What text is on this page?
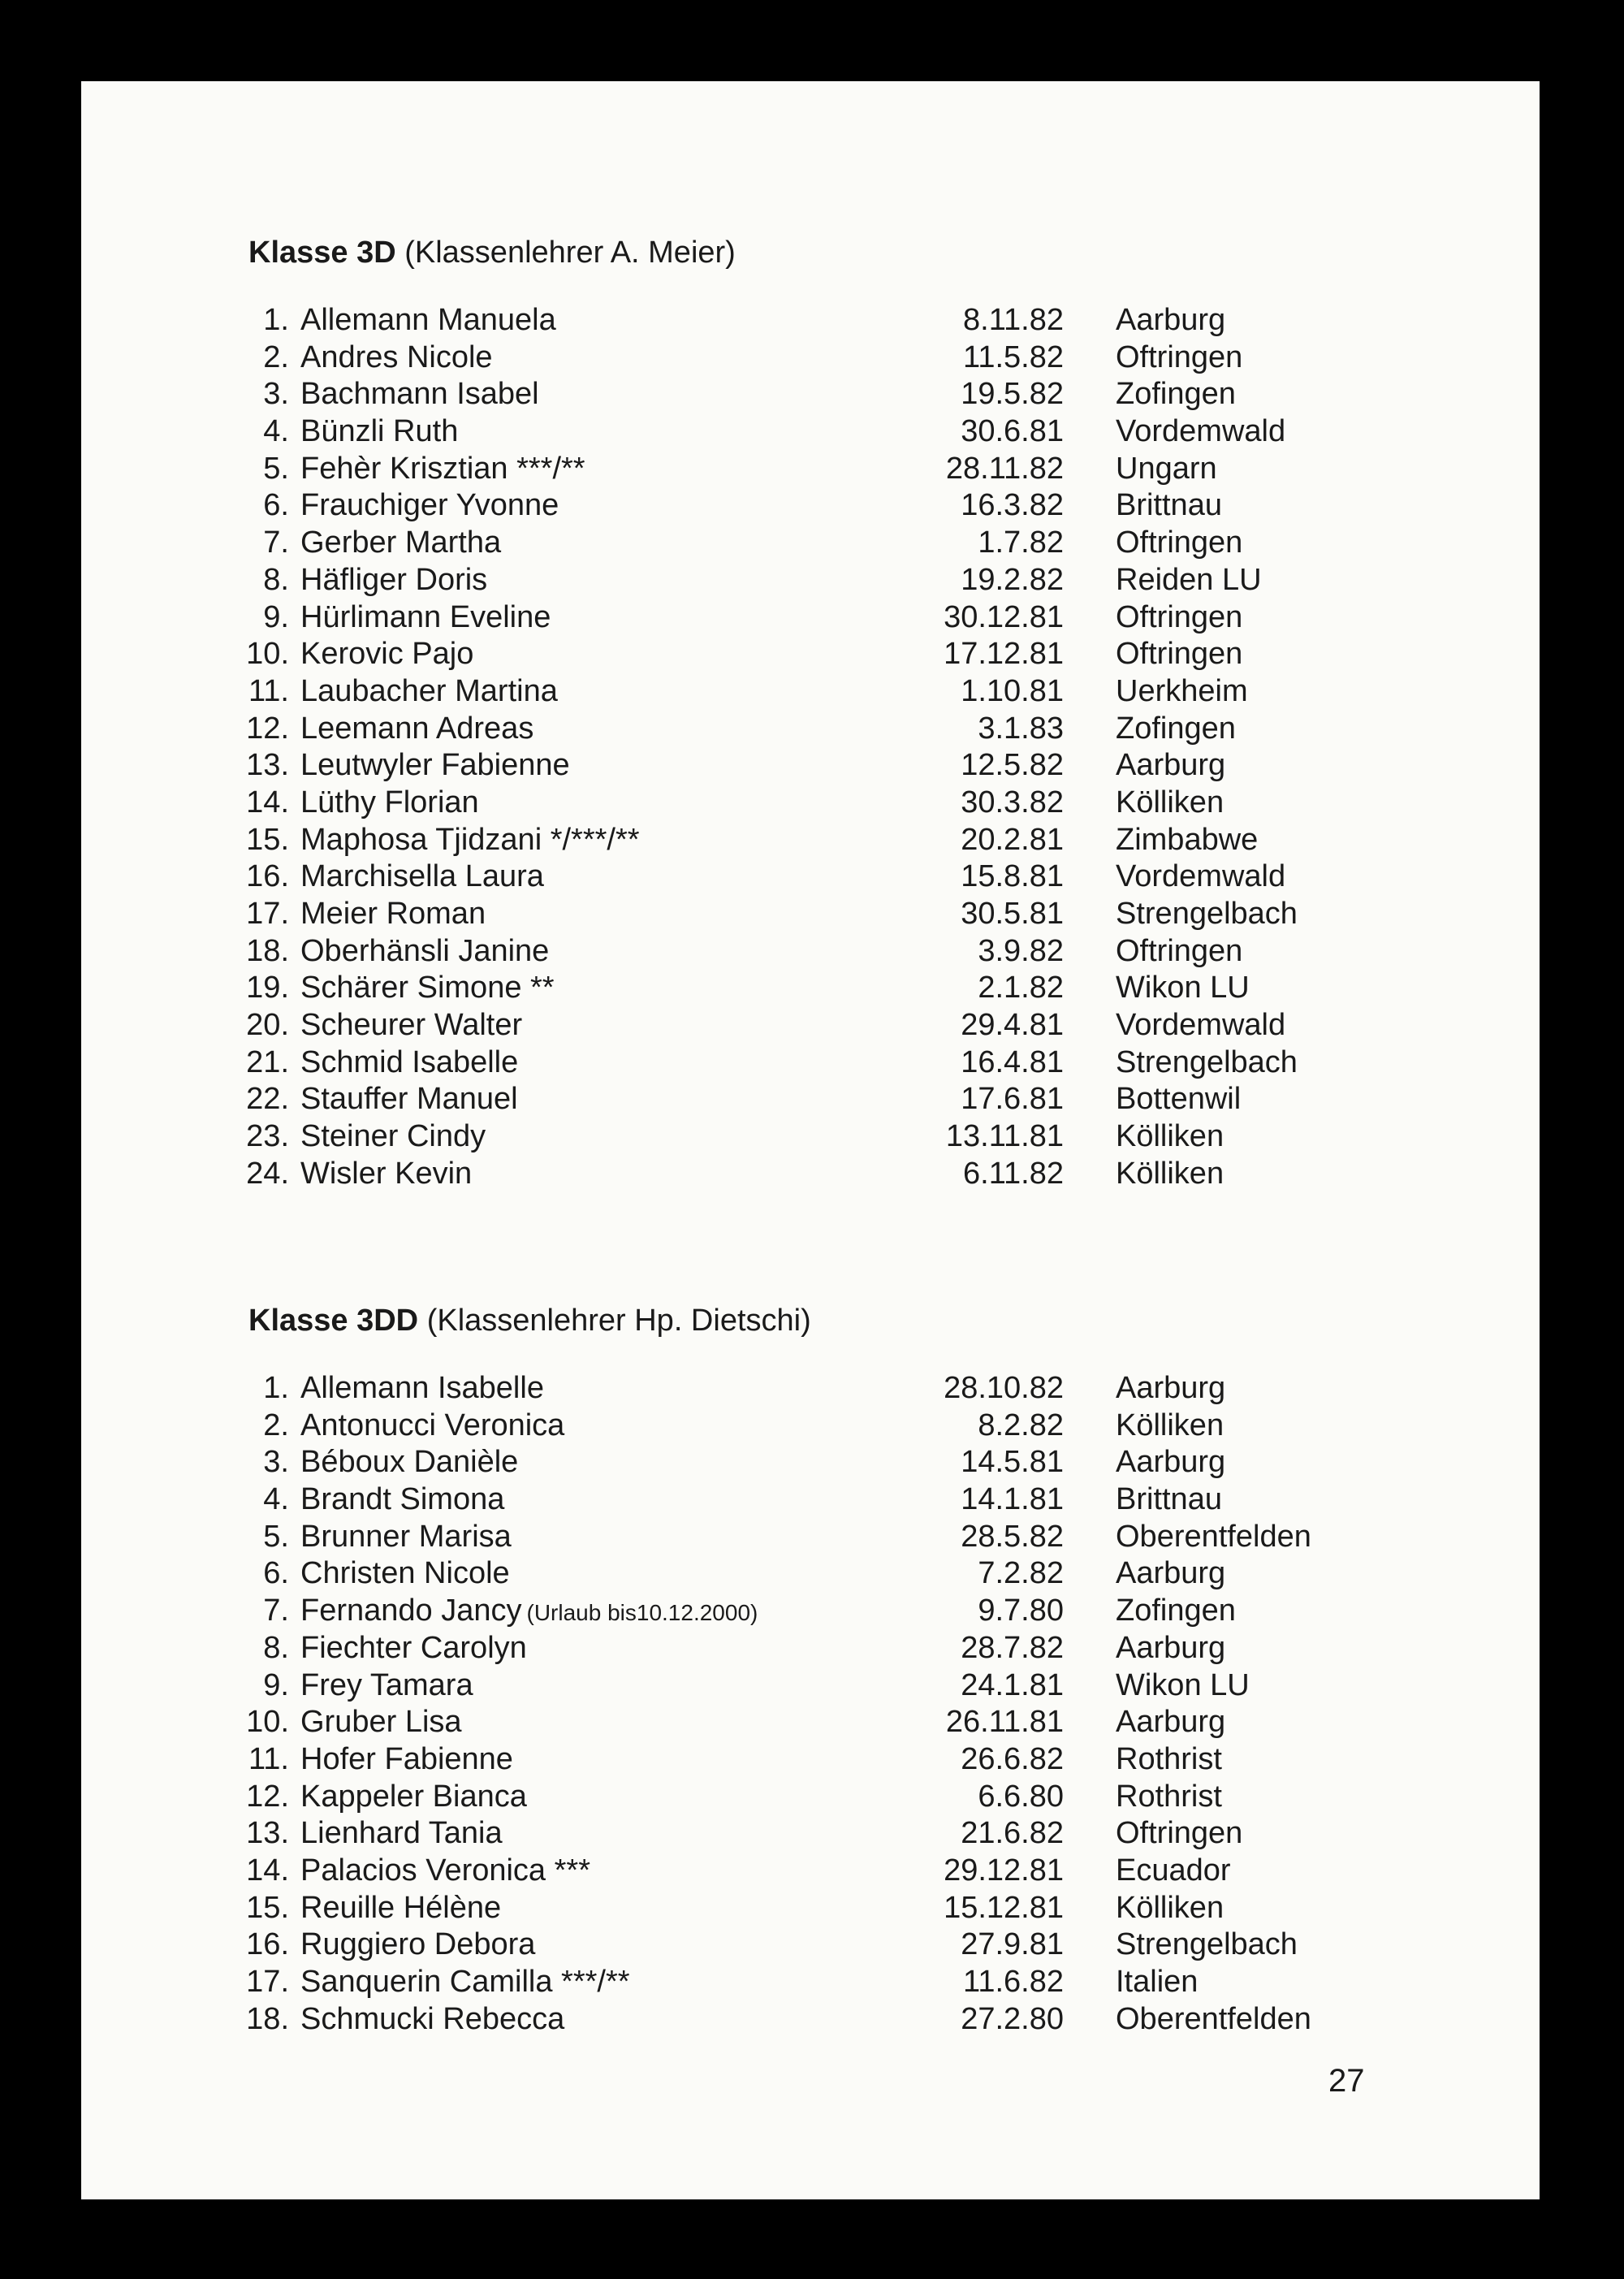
Klasse 3D (Klassenlehrer A. Meier)
1. Allemann Manuela	8.11.82 Aarburg
2. Andres Nicole	11.5.82 Oftringen
3. Bachmann Isabel	19.5.82 Zofingen
4. Bünzli Ruth	30.6.81 Vordemwald
5. Fehèr Krisztian ***/**	28.11.82 Ungarn
6. Frauchiger Yvonne	16.3.82 Brittnau
7. Gerber Martha	1.7.82 Oftringen
8. Häfliger Doris	19.2.82 Reiden LU
9. Hürlimann Eveline	30.12.81 Oftringen
10. Kerovic Pajo	17.12.81 Oftringen
11. Laubacher Martina	1.10.81 Uerkheim
12. Leemann Adreas	3.1.83 Zofingen
13. Leutwyler Fabienne	12.5.82 Aarburg
14. Lüthy Florian	30.3.82 Kölliken
15. Maphosa Tjidzani */***/**	20.2.81 Zimbabwe
16. Marchisella Laura	15.8.81 Vordemwald
17. Meier Roman	30.5.81 Strengelbach
18. Oberhänsli Janine	3.9.82 Oftringen
19. Schärer Simone **	2.1.82 Wikon LU
20. Scheurer Walter	29.4.81 Vordemwald
21. Schmid Isabelle	16.4.81 Strengelbach
22. Stauffer Manuel	17.6.81 Bottenwil
23. Steiner Cindy	13.11.81 Kölliken
24. Wisler Kevin	6.11.82 Kölliken
Klasse 3DD (Klassenlehrer Hp. Dietschi)
1. Allemann Isabelle	28.10.82 Aarburg
2. Antonucci Veronica	8.2.82 Kölliken
3. Béboux Danièle	14.5.81 Aarburg
4. Brandt Simona	14.1.81 Brittnau
5. Brunner Marisa	28.5.82 Oberentfelden
6. Christen Nicole	7.2.82 Aarburg
7. Fernando Jancy (Urlaub bis10.12.2000)	9.7.80 Zofingen
8. Fiechter Carolyn	28.7.82 Aarburg
9. Frey Tamara	24.1.81 Wikon LU
10. Gruber Lisa	26.11.81 Aarburg
11. Hofer Fabienne	26.6.82 Rothrist
12. Kappeler Bianca	6.6.80 Rothrist
13. Lienhard Tania	21.6.82 Oftringen
14. Palacios Veronica ***	29.12.81 Ecuador
15. Reuille Hélène	15.12.81 Kölliken
16. Ruggiero Debora	27.9.81 Strengelbach
17. Sanquerin Camilla ***/**	11.6.82 Italien
18. Schmucki Rebecca	27.2.80 Oberentfelden
27
